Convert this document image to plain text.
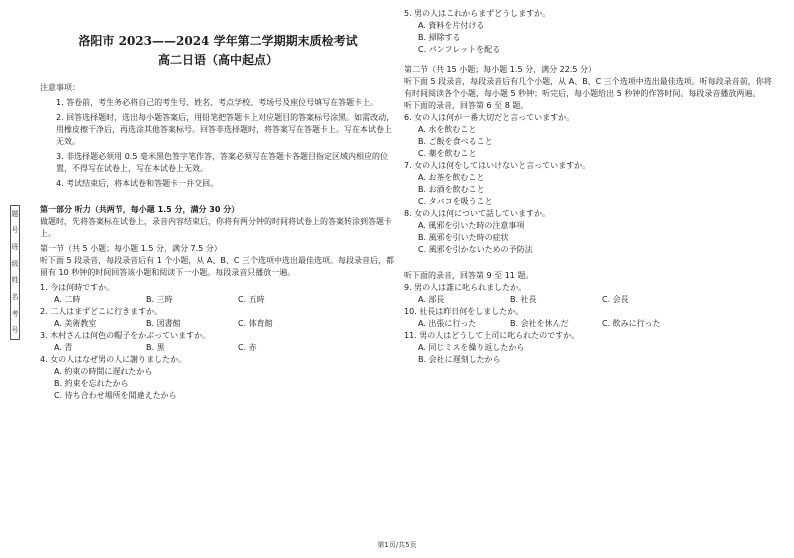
题
号
班
级
姓
名
考
号
洛阳市 2023——2024 学年第二学期期末质检考试
高二日语（高中起点）
注意事项：
1. 答卷前，考生务必将自己的考生号、姓名、考点学校、考场号及座位号填写在答题卡上。
2. 回答选择题时，选出每小题答案后，用铅笔把答题卡上对应题目的答案标号涂黑。如需改动，用橡皮擦干净后，再选涂其他答案标号。回答非选择题时，将答案写在答题卡上。写在本试卷上无效。
3. 非选择题必须用 0.5 毫米黑色签字笔作答，答案必须写在答题卡各题目指定区域内相应的位置，不得写在试卷上，写在本试卷上无效。
4. 考试结束后，将本试卷和答题卡一并交回。
第一部分 听力（共两节，每小题 1.5 分，满分 30 分）
做题时，先将答案标在试卷上，录音内容结束后，你将有两分钟的时间将试卷上的答案转涂到答题卡上。
第一节（共 5 小题；每小题 1.5 分，满分 7.5 分）
听下面 5 段录音，每段录音后有 1 个小题，从 A、B、C 三个选项中选出最佳选项。每段录音后，都留有 10 秒钟的时间回答该小题和阅读下一小题。每段录音只播放一遍。
1. 今は何時ですか。
A. 二時	B. 三時	C. 五時
2. 二人はまずどこに行きますか。
A. 美術教室	B. 図書館	C. 体育館
3. 木村さんは何色の帽子をかぶっていますか。
A. 青	B. 黒	C. 赤
4. 女の人はなぜ男の人に謝りましたか。
A. 約束の時間に遅れたから
B. 約束を忘れたから
C. 待ち合わせ場所を間違えたから
5. 男の人はこれからまずどうしますか。
A. 資料を片付ける
B. 掃除する
C. パンフレットを配る
第二节（共 15 小题；每小题 1.5 分，满分 22.5 分）
听下面 5 段录音，每段录音后有几个小题，从 A、B、C 三个选项中选出最佳选项。听每段录音前，你将有时间阅读各个小题，每小题 5 秒钟；听完后，每小题给出 5 秒钟的作答时间。每段录音播放两遍。
听下面的录音，回答第 6 至 8 题。
6. 女の人は何が一番大切だと言っていますか。
A. 水を飲むこと
B. ご飯を食べること
C. 薬を飲むこと
7. 女の人は何をしてはいけないと言っていますか。
A. お茶を飲むこと
B. お酒を飲むこと
C. タバコを吸うこと
8. 女の人は何について話していますか。
A. 風邪を引いた時の注意事項
B. 風邪を引いた時の症状
C. 風邪を引かないための予防法
听下面的录音，回答第 9 至 11 题。
9. 男の人は誰に叱られましたか。
A. 部長	B. 社長	C. 会長
10. 社長は昨日何をしましたか。
A. 出張に行った	B. 会社を休んだ	C. 飲みに行った
11. 男の人はどうして上司に叱られたのですか。
A. 同じミスを繰り返したから
B. 会社に遅刻したから
第1页/共5页
